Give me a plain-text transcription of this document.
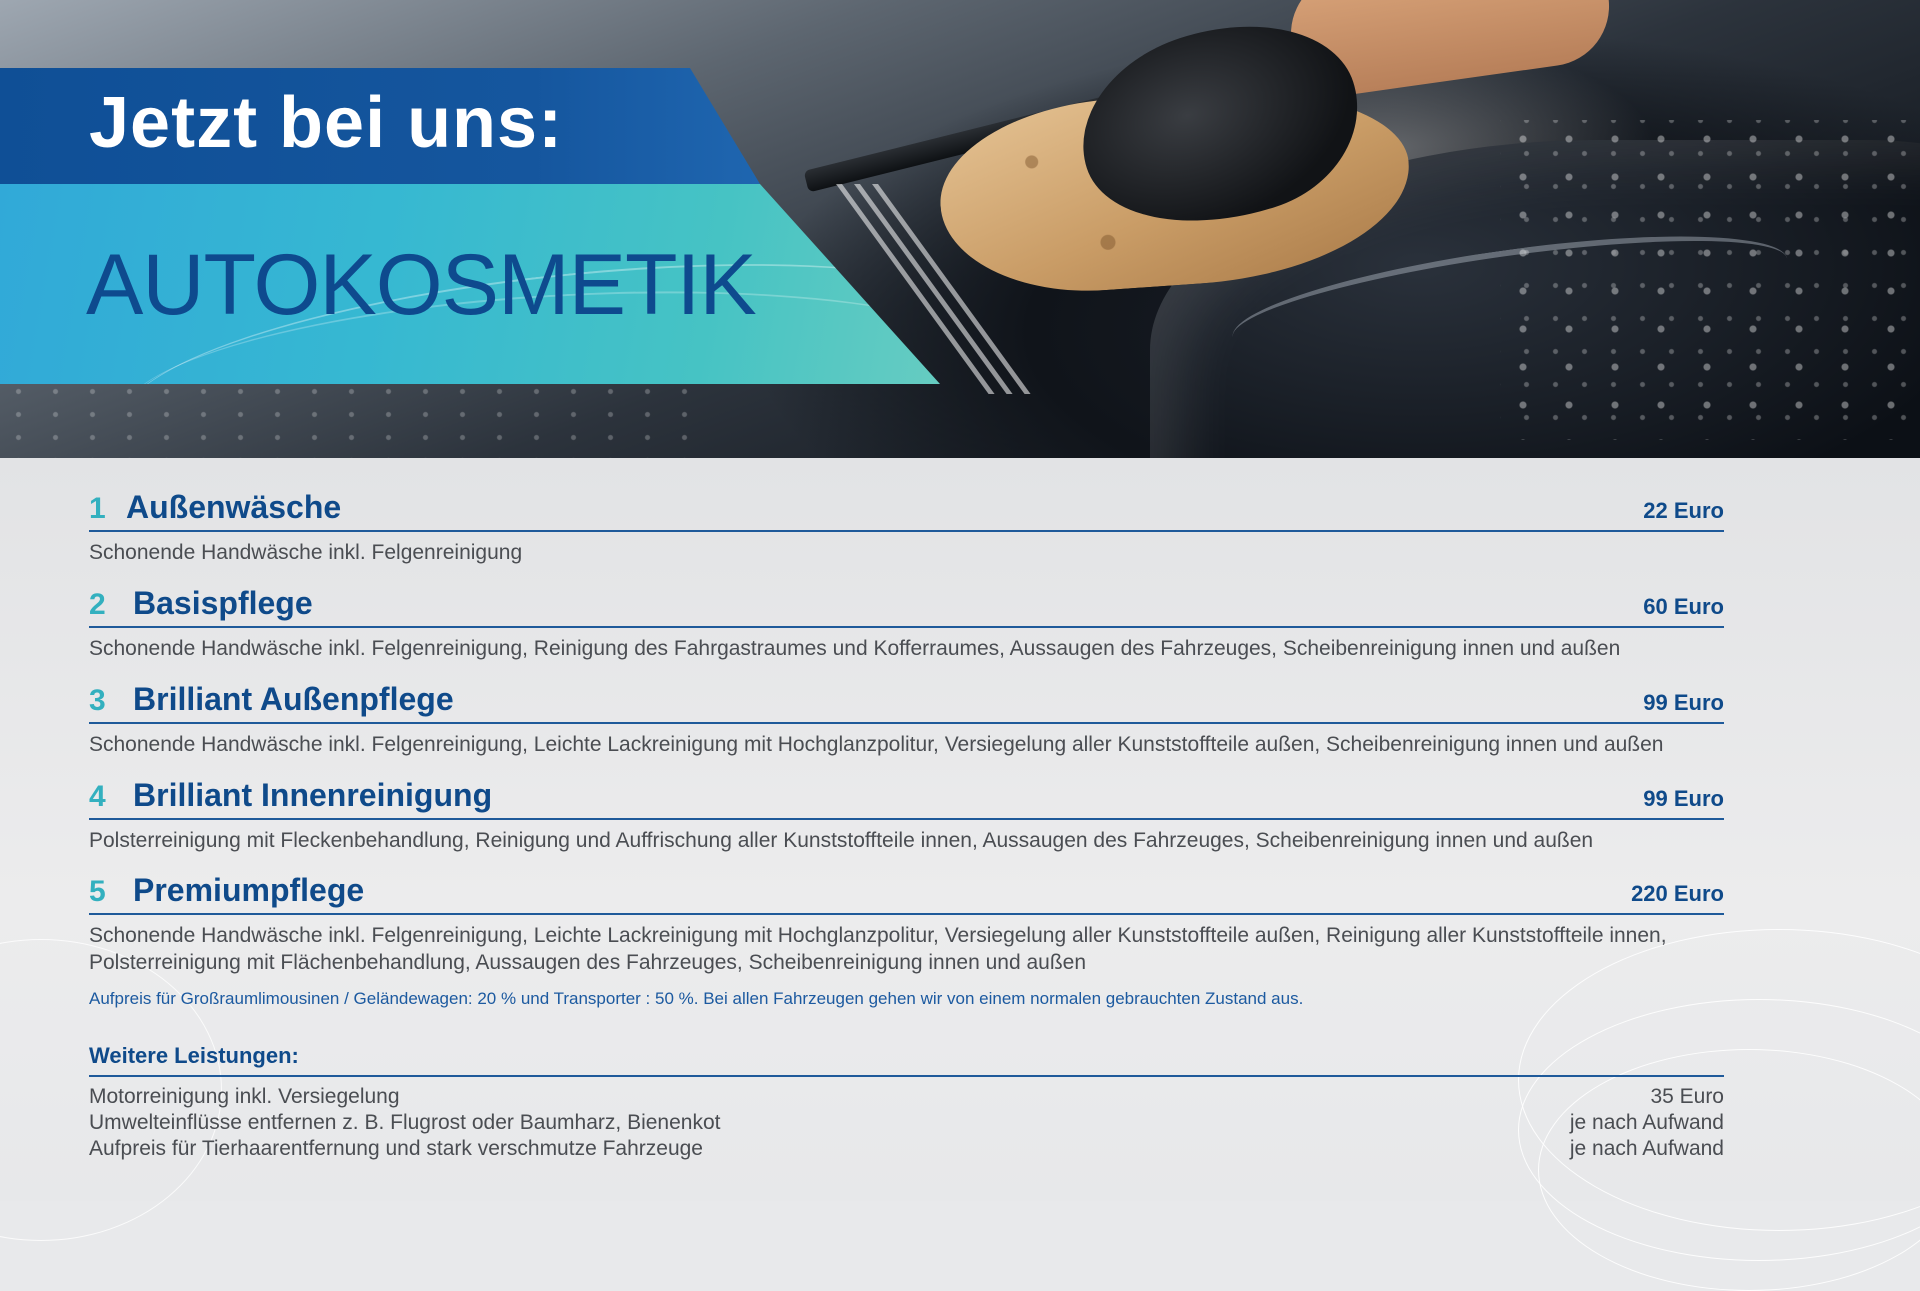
Jetzt bei uns:
AUTOKOSMETIK
1 Außenwäsche	22 Euro

Schonende Handwäsche inkl. Felgenreinigung

2 Basispflege	60 Euro

Schonende Handwäsche inkl. Felgenreinigung, Reinigung des Fahrgastraumes und Kofferraumes, Aussaugen des Fahrzeuges, Scheibenreinigung innen und außen

3 Brilliant Außenpflege	99 Euro

Schonende Handwäsche inkl. Felgenreinigung, Leichte Lackreinigung mit Hochglanzpolitur, Versiegelung aller Kunststoffteile außen, Scheibenreinigung innen und außen

4 Brilliant Innenreinigung	99 Euro

Polsterreinigung mit Fleckenbehandlung, Reinigung und Auffrischung aller Kunststoffteile innen, Aussaugen des Fahrzeuges, Scheibenreinigung innen und außen

5 Premiumpflege	220 Euro

Schonende Handwäsche inkl. Felgenreinigung, Leichte Lackreinigung mit Hochglanzpolitur, Versiegelung aller Kunststoffteile außen, Reinigung aller Kunststoffteile innen, Polsterreinigung mit Flächenbehandlung, Aussaugen des Fahrzeuges, Scheibenreinigung innen und außen

Aufpreis für Großraumlimousinen / Geländewagen: 20 % und Transporter : 50 %. Bei allen Fahrzeugen gehen wir von einem normalen gebrauchten Zustand aus.

Weitere Leistungen:
Motorreinigung inkl. Versiegelung	35 Euro
Umwelteinflüsse entfernen z. B. Flugrost oder Baumharz, Bienenkot	je nach Aufwand
Aufpreis für Tierhaarentfernung und stark verschmutze Fahrzeuge	je nach Aufwand
